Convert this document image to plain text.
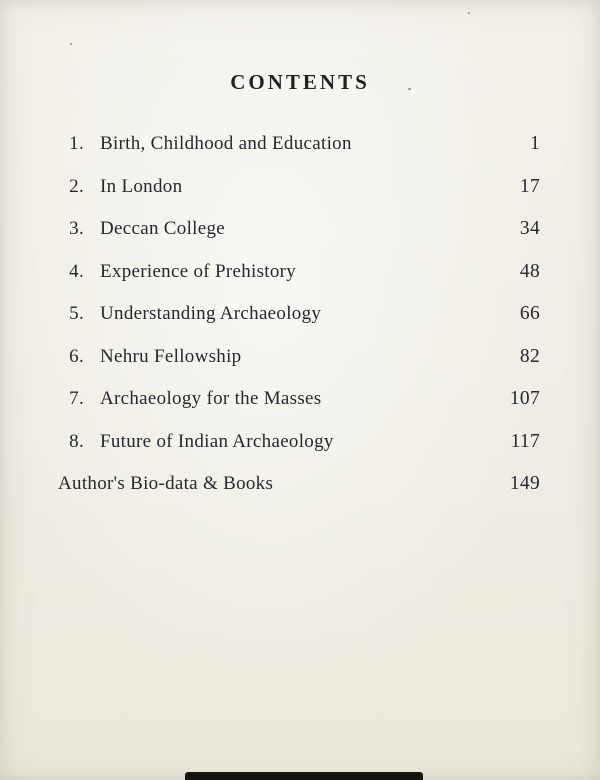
CONTENTS
1. Birth, Childhood and Education	1
2. In London	17
3. Deccan College	34
4. Experience of Prehistory	48
5. Understanding Archaeology	66
6. Nehru Fellowship	82
7. Archaeology for the Masses	107
8. Future of Indian Archaeology	117
Author's Bio-data & Books	149
